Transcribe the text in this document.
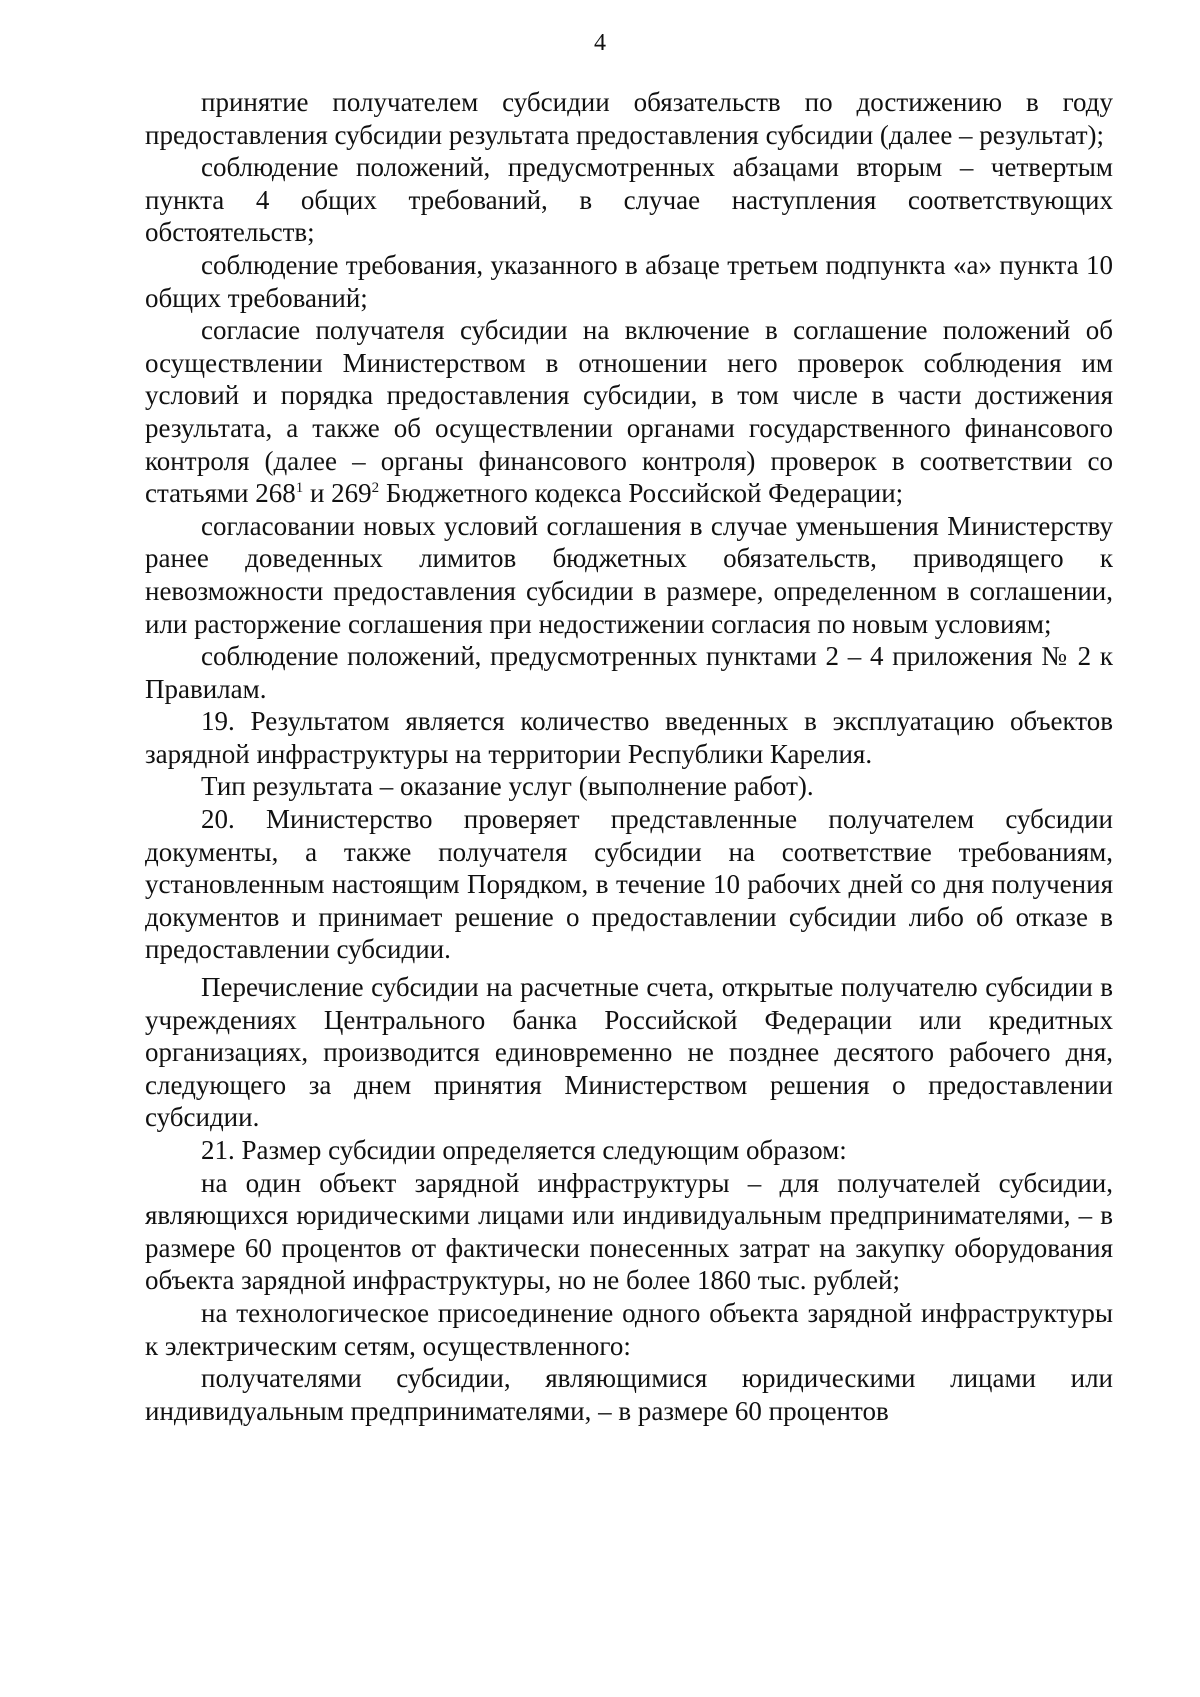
4

принятие получателем субсидии обязательств по достижению в году предоставления субсидии результата предоставления субсидии (далее – результат);

соблюдение положений, предусмотренных абзацами вторым – четвертым пункта 4 общих требований, в случае наступления соответствующих обстоятельств;

соблюдение требования, указанного в абзаце третьем подпункта «а» пункта 10 общих требований;

согласие получателя субсидии на включение в соглашение положений об осуществлении Министерством в отношении него проверок соблюдения им условий и порядка предоставления субсидии, в том числе в части достижения результата, а также об осуществлении органами государственного финансового контроля (далее – органы финансового контроля) проверок в соответствии со статьями $268^1$ и $269^2$ Бюджетного кодекса Российской Федерации;

согласовании новых условий соглашения в случае уменьшения Министерству ранее доведенных лимитов бюджетных обязательств, приводящего к невозможности предоставления субсидии в размере, определенном в соглашении, или расторжение соглашения при недостижении согласия по новым условиям;

соблюдение положений, предусмотренных пунктами 2 – 4 приложения № 2 к Правилам.

19. Результатом является количество введенных в эксплуатацию объектов зарядной инфраструктуры на территории Республики Карелия.

Тип результата – оказание услуг (выполнение работ).

20. Министерство проверяет представленные получателем субсидии документы, а также получателя субсидии на соответствие требованиям, установленным настоящим Порядком, в течение 10 рабочих дней со дня получения документов и принимает решение о предоставлении субсидии либо об отказе в предоставлении субсидии.

Перечисление субсидии на расчетные счета, открытые получателю субсидии в учреждениях Центрального банка Российской Федерации или кредитных организациях, производится единовременно не позднее десятого рабочего дня, следующего за днем принятия Министерством решения о предоставлении субсидии.

21. Размер субсидии определяется следующим образом:

на один объект зарядной инфраструктуры – для получателей субсидии, являющихся юридическими лицами или индивидуальным предпринимателями, – в размере 60 процентов от фактически понесенных затрат на закупку оборудования объекта зарядной инфраструктуры, но не более 1860 тыс. рублей;

на технологическое присоединение одного объекта зарядной инфраструктуры к электрическим сетям, осуществленного:

получателями субсидии, являющимися юридическими лицами или индивидуальным предпринимателями, – в размере 60 процентов
